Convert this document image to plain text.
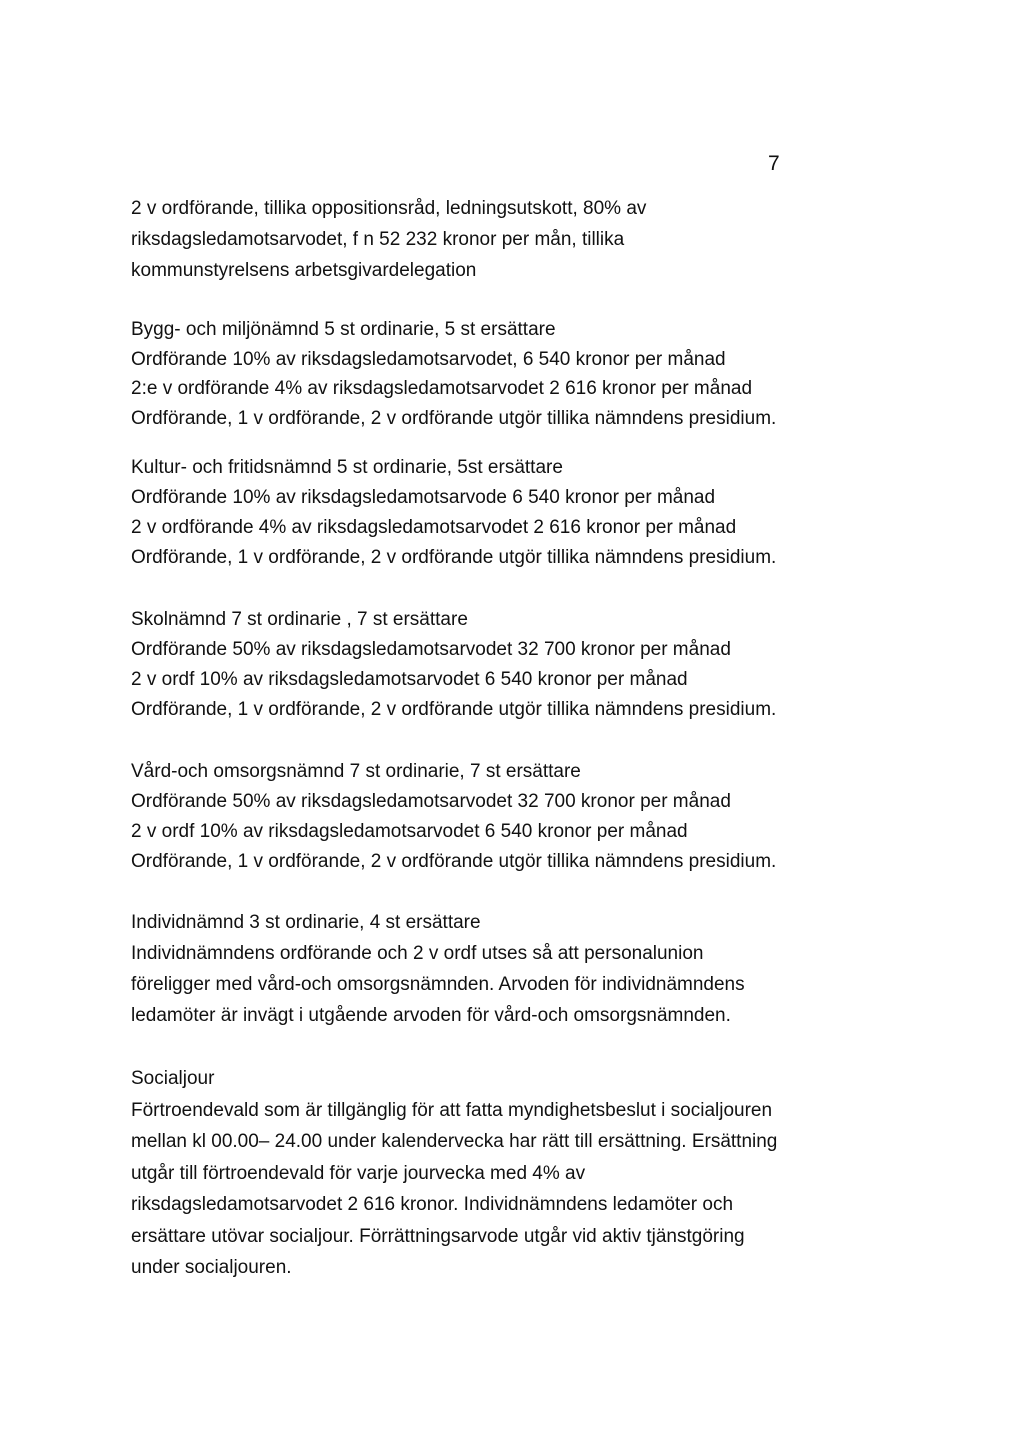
7
2 v ordförande, tillika oppositionsråd, ledningsutskott, 80% av
riksdagsledamotsarvodet, f n 52 232 kronor per mån, tillika
kommunstyrelsens arbetsgivardelegation
Bygg- och miljönämnd 5 st ordinarie, 5 st ersättare
Ordförande 10% av riksdagsledamotsarvodet, 6 540 kronor per månad
2:e v ordförande 4% av riksdagsledamotsarvodet 2 616 kronor per månad
Ordförande, 1 v ordförande, 2 v ordförande utgör tillika nämndens presidium.
Kultur- och fritidsnämnd 5 st ordinarie, 5st ersättare
Ordförande 10% av riksdagsledamotsarvode 6 540 kronor per månad
2 v ordförande 4% av riksdagsledamotsarvodet 2 616 kronor per månad
Ordförande, 1 v ordförande, 2 v ordförande utgör tillika nämndens presidium.
Skolnämnd 7 st ordinarie , 7 st ersättare
Ordförande 50% av riksdagsledamotsarvodet 32 700 kronor per månad
2 v ordf 10% av riksdagsledamotsarvodet 6 540 kronor per månad
Ordförande, 1 v ordförande, 2 v ordförande utgör tillika nämndens presidium.
Vård-och omsorgsnämnd 7 st ordinarie, 7 st ersättare
Ordförande 50% av riksdagsledamotsarvodet 32 700 kronor per månad
2 v ordf 10% av riksdagsledamotsarvodet 6 540 kronor per månad
Ordförande, 1 v ordförande, 2 v ordförande utgör tillika nämndens presidium.
Individnämnd 3 st ordinarie, 4 st ersättare
Individnämndens ordförande och 2 v ordf utses så att personalunion
föreligger med vård-och omsorgsnämnden. Arvoden för individnämndens
ledamöter är invägt i utgående arvoden för vård-och omsorgsnämnden.
Socialjour
Förtroendevald som är tillgänglig för att fatta myndighetsbeslut i socialjouren
mellan kl 00.00– 24.00 under kalendervecka har rätt till ersättning. Ersättning
utgår till förtroendevald för varje jourvecka med 4% av
riksdagsledamotsarvodet 2 616 kronor. Individnämndens ledamöter och
ersättare utövar socialjour. Förrättningsarvode utgår vid aktiv tjänstgöring
under socialjouren.
